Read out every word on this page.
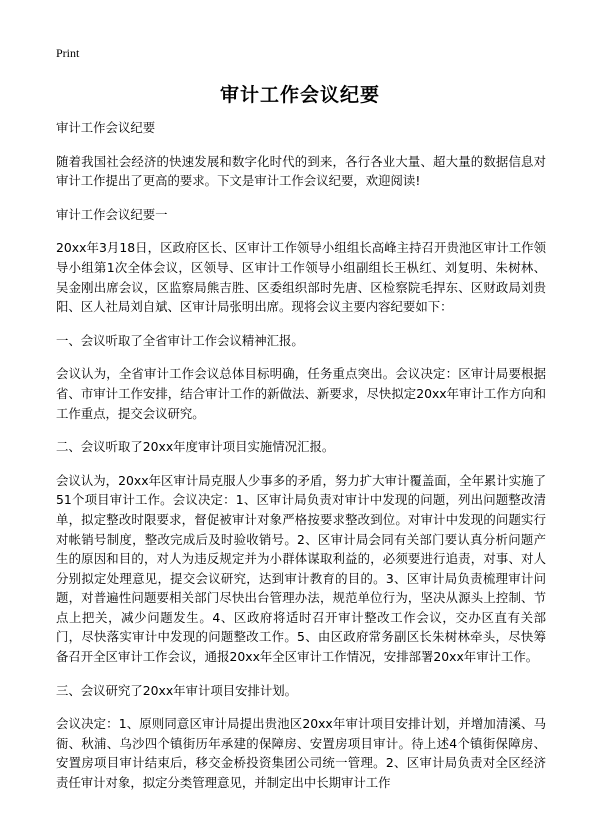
Print
审计工作会议纪要

审计工作会议纪要

随着我国社会经济的快速发展和数字化时代的到来，各行各业大量、超大量的数据信息对审计工作提出了更高的要求。下文是审计工作会议纪要，欢迎阅读!

审计工作会议纪要一

20xx年3月18日，区政府区长、区审计工作领导小组组长高峰主持召开贵池区审计工作领导小组第1次全体会议，区领导、区审计工作领导小组副组长王枞红、刘复明、朱树林、吴金刚出席会议，区监察局熊吉胜、区委组织部时先唐、区检察院毛捍东、区财政局刘贵阳、区人社局刘自斌、区审计局张明出席。现将会议主要内容纪要如下：

一、会议听取了全省审计工作会议精神汇报。

会议认为，全省审计工作会议总体目标明确，任务重点突出。会议决定：区审计局要根据省、市审计工作安排，结合审计工作的新做法、新要求，尽快拟定20xx年审计工作方向和工作重点，提交会议研究。

二、会议听取了20xx年度审计项目实施情况汇报。

会议认为，20xx年区审计局克服人少事多的矛盾，努力扩大审计覆盖面，全年累计实施了51个项目审计工作。会议决定：1、区审计局负责对审计中发现的问题，列出问题整改清单，拟定整改时限要求，督促被审计对象严格按要求整改到位。对审计中发现的问题实行对帐销号制度，整改完成后及时验收销号。2、区审计局会同有关部门要认真分析问题产生的原因和目的，对人为违反规定并为小群体谋取利益的，必须要进行追责，对事、对人分别拟定处理意见，提交会议研究，达到审计教育的目的。3、区审计局负责梳理审计问题，对普遍性问题要相关部门尽快出台管理办法，规范单位行为，坚决从源头上控制、节点上把关，减少问题发生。4、区政府将适时召开审计整改工作会议，交办区直有关部门，尽快落实审计中发现的问题整改工作。5、由区政府常务副区长朱树林牵头，尽快筹备召开全区审计工作会议，通报20xx年全区审计工作情况，安排部署20xx年审计工作。

三、会议研究了20xx年审计项目安排计划。

会议决定：1、原则同意区审计局提出贵池区20xx年审计项目安排计划，并增加清溪、马衙、秋浦、乌沙四个镇街历年承建的保障房、安置房项目审计。待上述4个镇街保障房、安置房项目审计结束后，移交金桥投资集团公司统一管理。2、区审计局负责对全区经济责任审计对象，拟定分类管理意见，并制定出中长期审计工作
